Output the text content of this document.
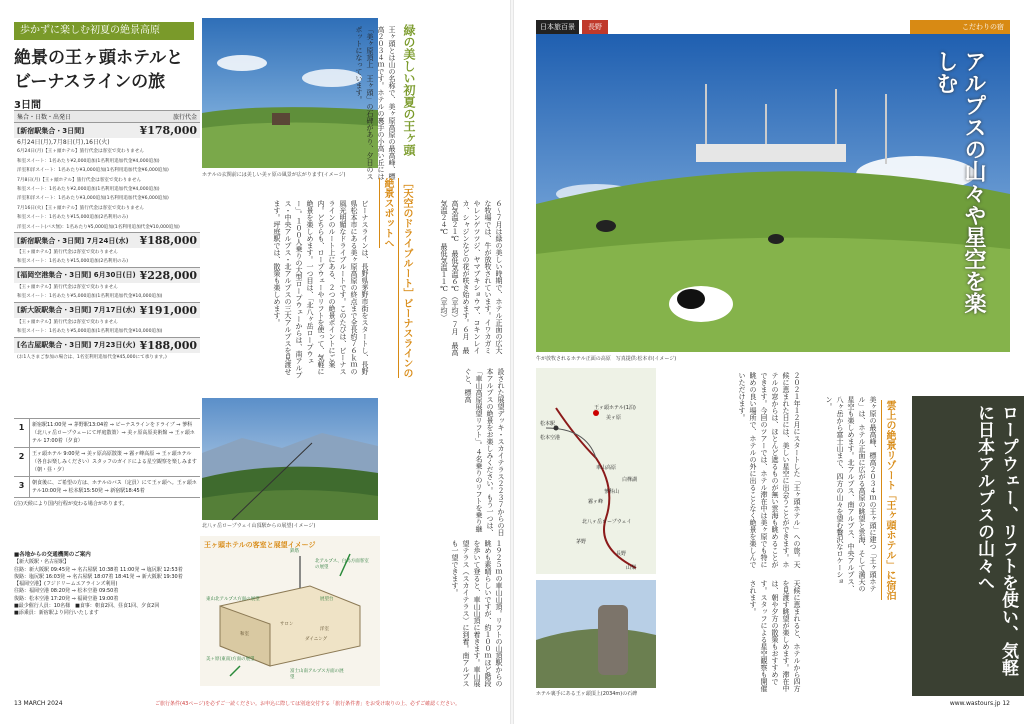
歩かずに楽しむ初夏の絶景高原
絶景の王ヶ頭ホテルと
ビーナスラインの旅
3日間
集合・日数・出発日	旅行代金
[新宿駅集合・3日間]	¥178,000
6月24日(月),7月8日(月),16日(火)
6月24日(月)【王ヶ頭ホテル】旅行代金は客室で変わりません
和室スイート：1名あたり¥2,000追加(1名利用追加代金¥4,000追加)
洋室和洋スイート：1名あたり¥3,000追加(1名利用追加代金¥6,000追加)
7月8日(月)【王ヶ頭ホテル】旅行代金は客室で変わりません
和室スイート：1名あたり¥2,000追加(1名利用追加代金¥4,000追加)
洋室和洋スイート：1名あたり¥3,000追加(1名利用追加代金¥6,000追加)
7月16日(火)【王ヶ頭ホテル】旅行代金は客室で変わりません
和室スイート：1名あたり¥15,000追加(2名利用のみ)
洋室スイート(バス無)：1名あたり¥5,000追加(1名利用追加代金¥10,000追加)
[新宿駅集合・3日間] 7月24日(水) ¥188,000
【王ヶ頭ホテル】旅行代金は客室で変わりません
和室スイート：1名あたり¥15,000追加(2名利用のみ)
[福岡空港集合・3日間] 6月30日(日) ¥228,000
【王ヶ頭ホテル】旅行代金は客室で変わりません
和室スイート：1名あたり¥5,000追加(1名利用追加代金¥10,000追加)
[新大阪駅集合・3日間] 7月17日(水) ¥191,000
【王ヶ頭ホテル】旅行代金は客室で変わりません
和室スイート：1名あたり¥5,000追加(1名利用追加代金¥10,000追加)
[名古屋駅集合・3日間] 7月23日(火) ¥188,000
(お1人さまご参加の場合は、1名室利用追加代金¥45,000にて承ります。)
1	新宿駅11:00発 ⇒ 茅野駅13:04着 ⇒ ビーナスラインをドライブ ⇒ 蓼科（北八ヶ岳ロープウェーにて坪庭散策）⇒ 美ヶ原高原美術館 ⇒ 王ヶ頭ホテル 17:00着（夕食）
2	王ヶ頭ホテル 9:00発 ⇒ 美ヶ原高原散策 ⇒ 霧ヶ峰高原 ⇒ 王ヶ頭ホテル（各自お楽しみください）スタッフのガイドによる星空観察を楽しみます（朝・昼・夕）
3	朝食後に、ご希望の方は、ホテルのバス（定員）にて王ヶ頭へ。王ヶ頭ホテル10:00発 ⇒ 松本駅15:50発 ⇒ 新宿駅18:45着
(注)天候により国内行程が変わる場合があります。
■各地からの交通機関のご案内
【新大阪駅・名古屋駅】
往路：新大阪駅 09:45発 ⇒ 名古屋駅 10:38着 11:00発 ⇒ 塩尻駅 12:53着
復路：塩尻駅 16:03発 ⇒ 名古屋駅 18:07着 18:41発 ⇒ 新大阪駅 19:30着
【福岡空港】(フジドリームエアラインズ利用)
往路：福岡空港 08:20発 ⇒ 松本空港 09:50着
復路：松本空港 17:20発 ⇒ 福岡空港 19:00着
■最少催行人員：10名様　■食事：朝食2回、昼食1回、夕食2回
■添乗員：新宿駅より同行いたします
ホテルの玄関前には美しい美ヶ原の風景が広がります(イメージ)
北八ヶ岳ロープウェイ山頂駅からの展望(イメージ)
緑の美しい初夏の王ヶ頭
王ヶ頭とは山の名称で、美ヶ原高原の最高峰、標高２０３４ｍです。ホテルの裏手の小高い丘には「美ヶ原頂上　王ヶ頭」の石碑があり、夕日のスポットになっています。
６〜７月は緑の美しい時期で、ホテル正面の広大な牧場では、牛が放牧されています。イワカガミやレンゲツツジ、ヤマブキショウマ、コキンレイカ、シャジンなどの花が咲き始めます。６月　最高気温２１℃　最低気温６℃（平均）７月　最高気温２４℃　最低気温１１℃（平均）
［天空のドライブルート］ビーナスラインの絶景スポットへ
ビーナスラインは、長野県茅野市街をスタートし、長野県松本市にある美ヶ原高原の終点まで全長約７６ｋｍの風光明媚なドライブルートです。このたびは、ビーナスラインのルート上にある、２つの絶景ポイントにご案内。どちらも、ロープウェーやリフトを使って、気軽に絶景を楽しめます。一つ目は、「北八ヶ岳ロープウェー」。１００人乗りの大型ロープウェーからは、南アルプス・中央アルプス・北アルプスの三大アルプスを見渡せます。坪庭駅では、散策も楽しめます。
設された展望デッキ・スカイテラス２２３７からの日本アルプスの絶景をお楽しみください。もう一つは、「車山高原展望リフト」。４名乗りのリフトを乗り継ぐと、標高
１９２５ｍの車山山頂。リフトの山頂駅からの眺めも素晴らしいですが、約１００ｍほど階段を歩いて登ると、車山山頂に着きます。車山展望テラス（スカイテラス）に到着。南アルプスも一望できます。
王ヶ頭ホテルの客室と展望イメージ
鉄塔
北アルプス、白馬方面客室の展望
展望台
東山北アルプス方面の展望
美ヶ原(東南)方面の展望
富士山南アルプス方面の展望
洋室
サロン
和室
ダイニング
13 MARCH 2024	ご旅行条件(43ページ)を必ずご一読ください。お申込に際しては別途交付する「旅行条件書」をお受け取りの上、必ずご確認ください。
日本旅百景	長野	こだわりの宿
アルプスの山々や星空を楽しむ
牛が放牧されるホテル正面の高原　写真提供:松本市(イメージ)
王ヶ頭ホテル(1泊)
美ヶ原
松本駅
松本空港
車山高原
白樺湖
蓼科山
霧ヶ峰
北八ヶ岳ロープウェイ
茅野
長野
山梨	２０２１年１２月にスタートした「王ヶ頭ホテル」への旅。天候に恵まれた日には、美しい星空に出会うことができます。ホテルの窓からは、ほとんど遮るものが無い雲海も眺めることができます。今回のツアーでは、ホテル滞在中は美ヶ原でも特に眺めの良い場所で、ホテルの外に出ることなく絶景を楽しんでいただけます。
雲上の絶景リゾート「王ヶ頭ホテル」に宿泊
美ヶ原の最高峰、標高２０３４ｍの王ヶ頭に建つ「王ヶ頭ホテル」は、ホテル正面に広がる高原の眺望と雲海、そして満天の星空も楽しめます。北アルプス、南アルプス、中央アルプス、八ヶ岳から富士山まで、四方の山々を望む贅沢なロケーション。
天候に恵まれると、ホテルから四方を見渡す眺望が楽しめます。滞在中は、朝や夕方の散策もおすすめです。スタッフによる星空観察も開催されます。
ホテル裏手にある王ヶ頭頂上(2034m)の石碑
ロープウェー、リフトを使い、気軽に日本アルプスの山々へ
www.wastours.jp 12
